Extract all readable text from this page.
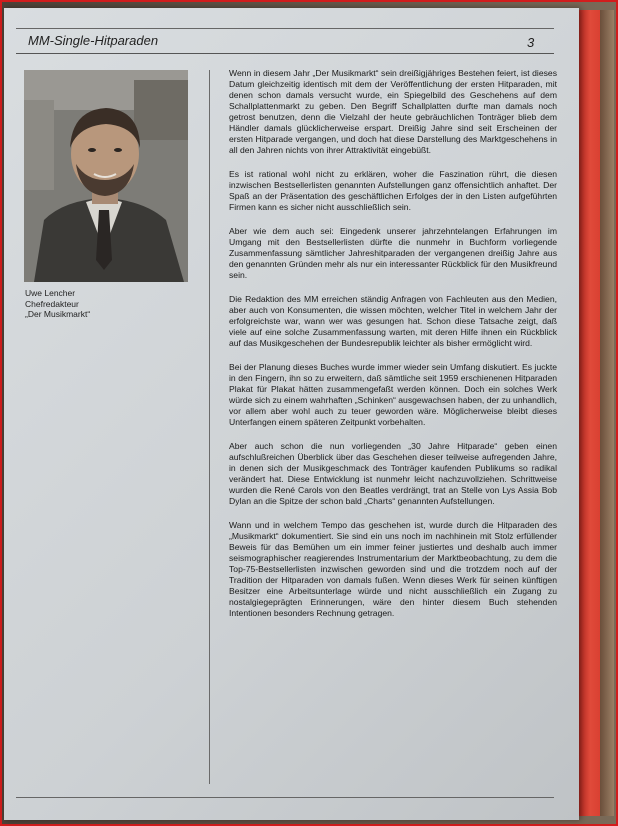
MM-Single-Hitparaden	3
Uwe Lencher
Chefredakteur
„Der Musikmarkt“

Wenn in diesem Jahr „Der Musikmarkt“ sein dreißigjähriges Bestehen feiert, ist dieses Datum gleichzeitig identisch mit dem der Veröffentlichung der ersten Hitparaden, mit denen schon damals versucht wurde, ein Spiegelbild des Geschehens auf dem Schallplattenmarkt zu geben. Den Begriff Schallplatten durfte man damals noch getrost benutzen, denn die Vielzahl der heute gebräuchlichen Tonträger blieb dem Händler damals glücklicherweise erspart. Dreißig Jahre sind seit Erscheinen der ersten Hitparade vergangen, und doch hat diese Darstellung des Marktgeschehens in all den Jahren nichts von ihrer Attraktivität eingebüßt.

Es ist rational wohl nicht zu erklären, woher die Faszination rührt, die diesen inzwischen Bestsellerlisten genannten Aufstellungen ganz offensichtlich anhaftet. Der Spaß an der Präsentation des geschäftlichen Erfolges der in den Listen aufgeführten Firmen kann es sicher nicht ausschließlich sein.

Aber wie dem auch sei: Eingedenk unserer jahrzehntelangen Erfahrungen im Umgang mit den Bestsellerlisten dürfte die nunmehr in Buchform vorliegende Zusammenfassung sämtlicher Jahreshitparaden der vergangenen dreißig Jahre aus den genannten Gründen mehr als nur ein interessanter Rückblick für den Musikfreund sein.

Die Redaktion des MM erreichen ständig Anfragen von Fachleuten aus den Medien, aber auch von Konsumenten, die wissen möchten, welcher Titel in welchem Jahr der erfolgreichste war, wann wer was gesungen hat. Schon diese Tatsache zeigt, daß viele auf eine solche Zusammenfassung warten, mit deren Hilfe ihnen ein Rückblick auf das Musikgeschehen der Bundesrepublik leichter als bisher ermöglicht wird.

Bei der Planung dieses Buches wurde immer wieder sein Umfang diskutiert. Es juckte in den Fingern, ihn so zu erweitern, daß sämtliche seit 1959 erschienenen Hitparaden Plakat für Plakat hätten zusammengefaßt werden können. Doch ein solches Werk würde sich zu einem wahrhaften „Schinken“ ausgewachsen haben, der zu unhandlich, vor allem aber wohl auch zu teuer geworden wäre. Möglicherweise bleibt dieses Unterfangen einem späteren Zeitpunkt vorbehalten.

Aber auch schon die nun vorliegenden „30 Jahre Hitparade“ geben einen aufschlußreichen Überblick über das Geschehen dieser teilweise aufregenden Jahre, in denen sich der Musikgeschmack des Tonträger kaufenden Publikums so radikal verändert hat. Diese Entwicklung ist nunmehr leicht nachzuvollziehen. Schrittweise wurden die René Carols von den Beatles verdrängt, trat an Stelle von Lys Assia Bob Dylan an die Spitze der schon bald „Charts“ genannten Aufstellungen.

Wann und in welchem Tempo das geschehen ist, wurde durch die Hitparaden des „Musikmarkt“ dokumentiert. Sie sind ein uns noch im nachhinein mit Stolz erfüllender Beweis für das Bemühen um ein immer feiner justiertes und deshalb auch immer seismographischer reagierendes Instrumentarium der Marktbeobachtung, zu dem die Top-75-Bestsellerlisten inzwischen geworden sind und die trotzdem noch auf der Tradition der Hitparaden von damals fußen. Wenn dieses Werk für seinen künftigen Besitzer eine Arbeitsunterlage würde und nicht ausschließlich ein Zugang zu nostalgiegeprägten Erinnerungen, wäre den hinter diesem Buch stehenden Intentionen besonders Rechnung getragen.
